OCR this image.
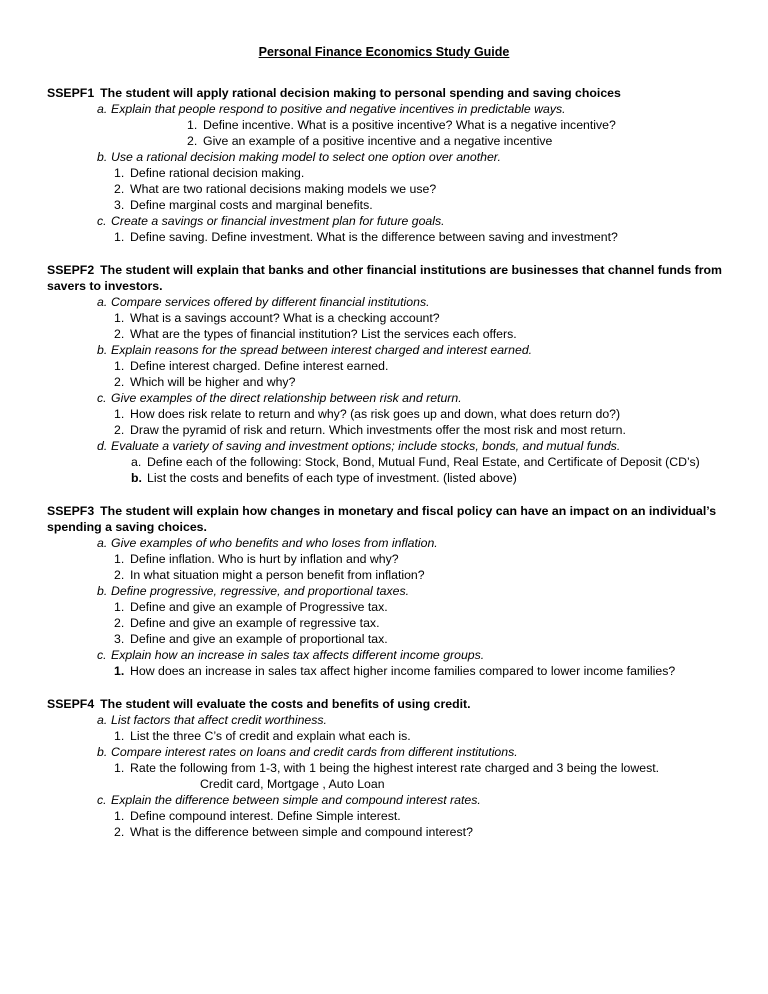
Personal Finance Economics Study Guide
SSEPF1 The student will apply rational decision making to personal spending and saving choices
a. Explain that people respond to positive and negative incentives in predictable ways.
1. Define incentive. What is a positive incentive? What is a negative incentive?
2. Give an example of a positive incentive and a negative incentive
b. Use a rational decision making model to select one option over another.
1. Define rational decision making.
2. What are two rational decisions making models we use?
3. Define marginal costs and marginal benefits.
c. Create a savings or financial investment plan for future goals.
1. Define saving. Define investment. What is the difference between saving and investment?
SSEPF2 The student will explain that banks and other financial institutions are businesses that channel funds from
savers to investors.
a. Compare services offered by different financial institutions.
1. What is a savings account? What is a checking account?
2. What are the types of financial institution? List the services each offers.
b. Explain reasons for the spread between interest charged and interest earned.
1. Define interest charged. Define interest earned.
2. Which will be higher and why?
c. Give examples of the direct relationship between risk and return.
1. How does risk relate to return and why? (as risk goes up and down, what does return do?)
2. Draw the pyramid of risk and return. Which investments offer the most risk and most return.
d. Evaluate a variety of saving and investment options; include stocks, bonds, and mutual funds.
a. Define each of the following: Stock, Bond, Mutual Fund, Real Estate, and Certificate of Deposit (CD’s)
b. List the costs and benefits of each type of investment. (listed above)
SSEPF3 The student will explain how changes in monetary and fiscal policy can have an impact on an individual’s
spending a saving choices.
a. Give examples of who benefits and who loses from inflation.
1. Define inflation. Who is hurt by inflation and why?
2. In what situation might a person benefit from inflation?
b. Define progressive, regressive, and proportional taxes.
1. Define and give an example of Progressive tax.
2. Define and give an example of regressive tax.
3. Define and give an example of proportional tax.
c. Explain how an increase in sales tax affects different income groups.
1. How does an increase in sales tax affect higher income families compared to lower income families?
SSEPF4 The student will evaluate the costs and benefits of using credit.
a. List factors that affect credit worthiness.
1. List the three C’s of credit and explain what each is.
b. Compare interest rates on loans and credit cards from different institutions.
1. Rate the following from 1-3, with 1 being the highest interest rate charged and 3 being the lowest.
Credit card, Mortgage , Auto Loan
c. Explain the difference between simple and compound interest rates.
1. Define compound interest. Define Simple interest.
2. What is the difference between simple and compound interest?
